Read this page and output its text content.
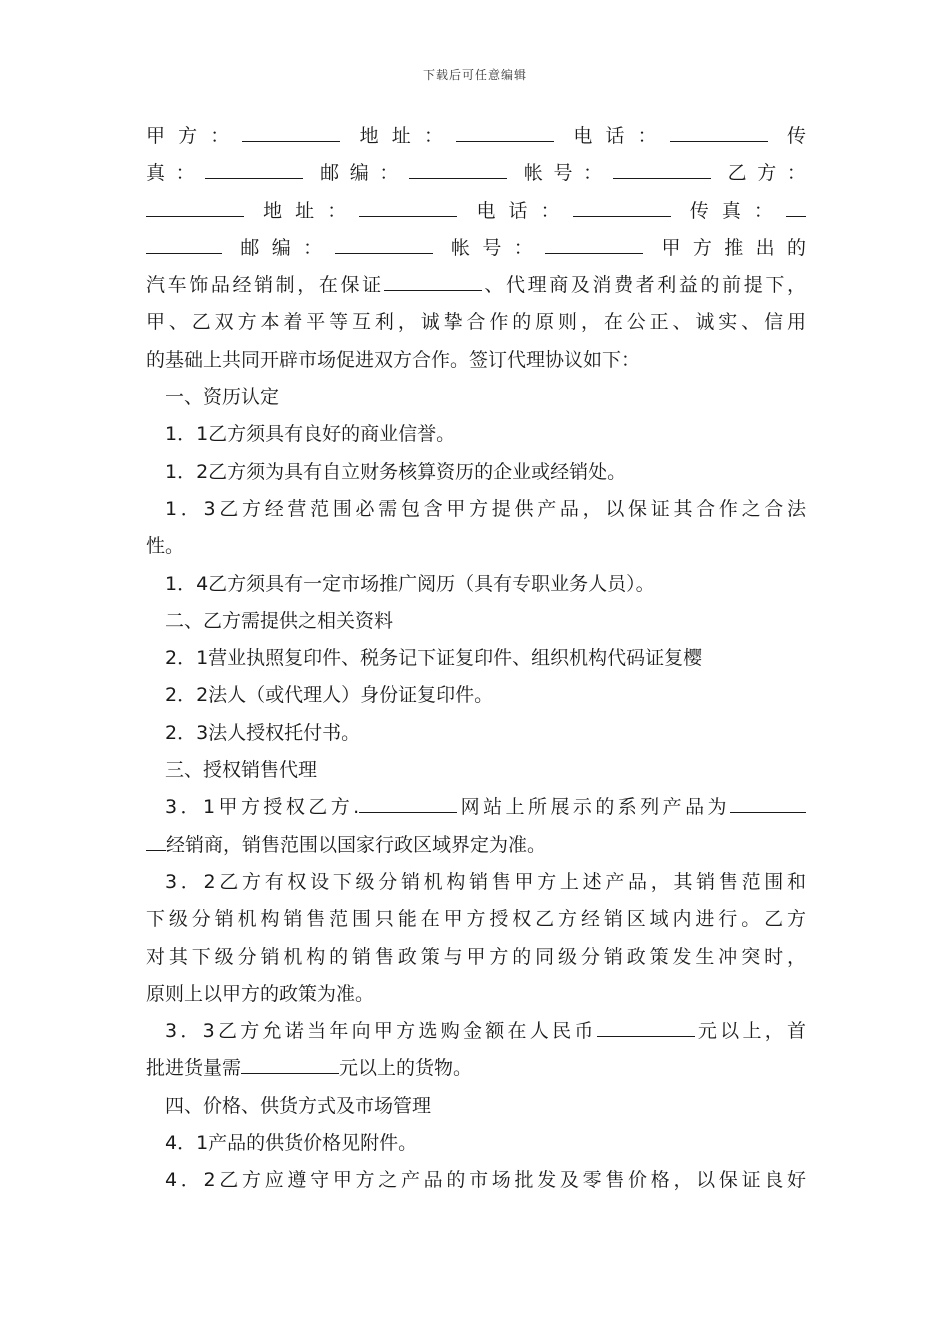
下载后可任意编辑
甲方：	地址：	电话：	传
真：	邮编：	帐号：	乙方：
地址：	电话：	传真：
邮编：	帐号：	甲方推出的
汽车饰品经销制，在保证	、代理商及消费者利益的前提下，
甲、乙双方本着平等互利，诚挚合作的原则，在公正、诚实、信用
的基础上共同开辟市场促进双方合作。签订代理协议如下：
一、资历认定
1．1乙方须具有良好的商业信誉。
1．2乙方须为具有自立财务核算资历的企业或经销处。
1．3乙方经营范围必需包含甲方提供产品，以保证其合作之合法
性。
1．4乙方须具有一定市场推广阅历（具有专职业务人员）。
二、乙方需提供之相关资料
2．1营业执照复印件、税务记下证复印件、组织机构代码证复樱
2．2法人（或代理人）身份证复印件。
2．3法人授权托付书。
三、授权销售代理
3．1甲方授权乙方.	网站上所展示的系列产品为
经销商，销售范围以国家行政区域界定为准。
3．2乙方有权设下级分销机构销售甲方上述产品，其销售范围和
下级分销机构销售范围只能在甲方授权乙方经销区域内进行。乙方
对其下级分销机构的销售政策与甲方的同级分销政策发生冲突时，
原则上以甲方的政策为准。
3．3乙方允诺当年向甲方选购金额在人民币	元以上，首
批进货量需	元以上的货物。
四、价格、供货方式及市场管理
4．1产品的供货价格见附件。
4．2乙方应遵守甲方之产品的市场批发及零售价格，以保证良好
